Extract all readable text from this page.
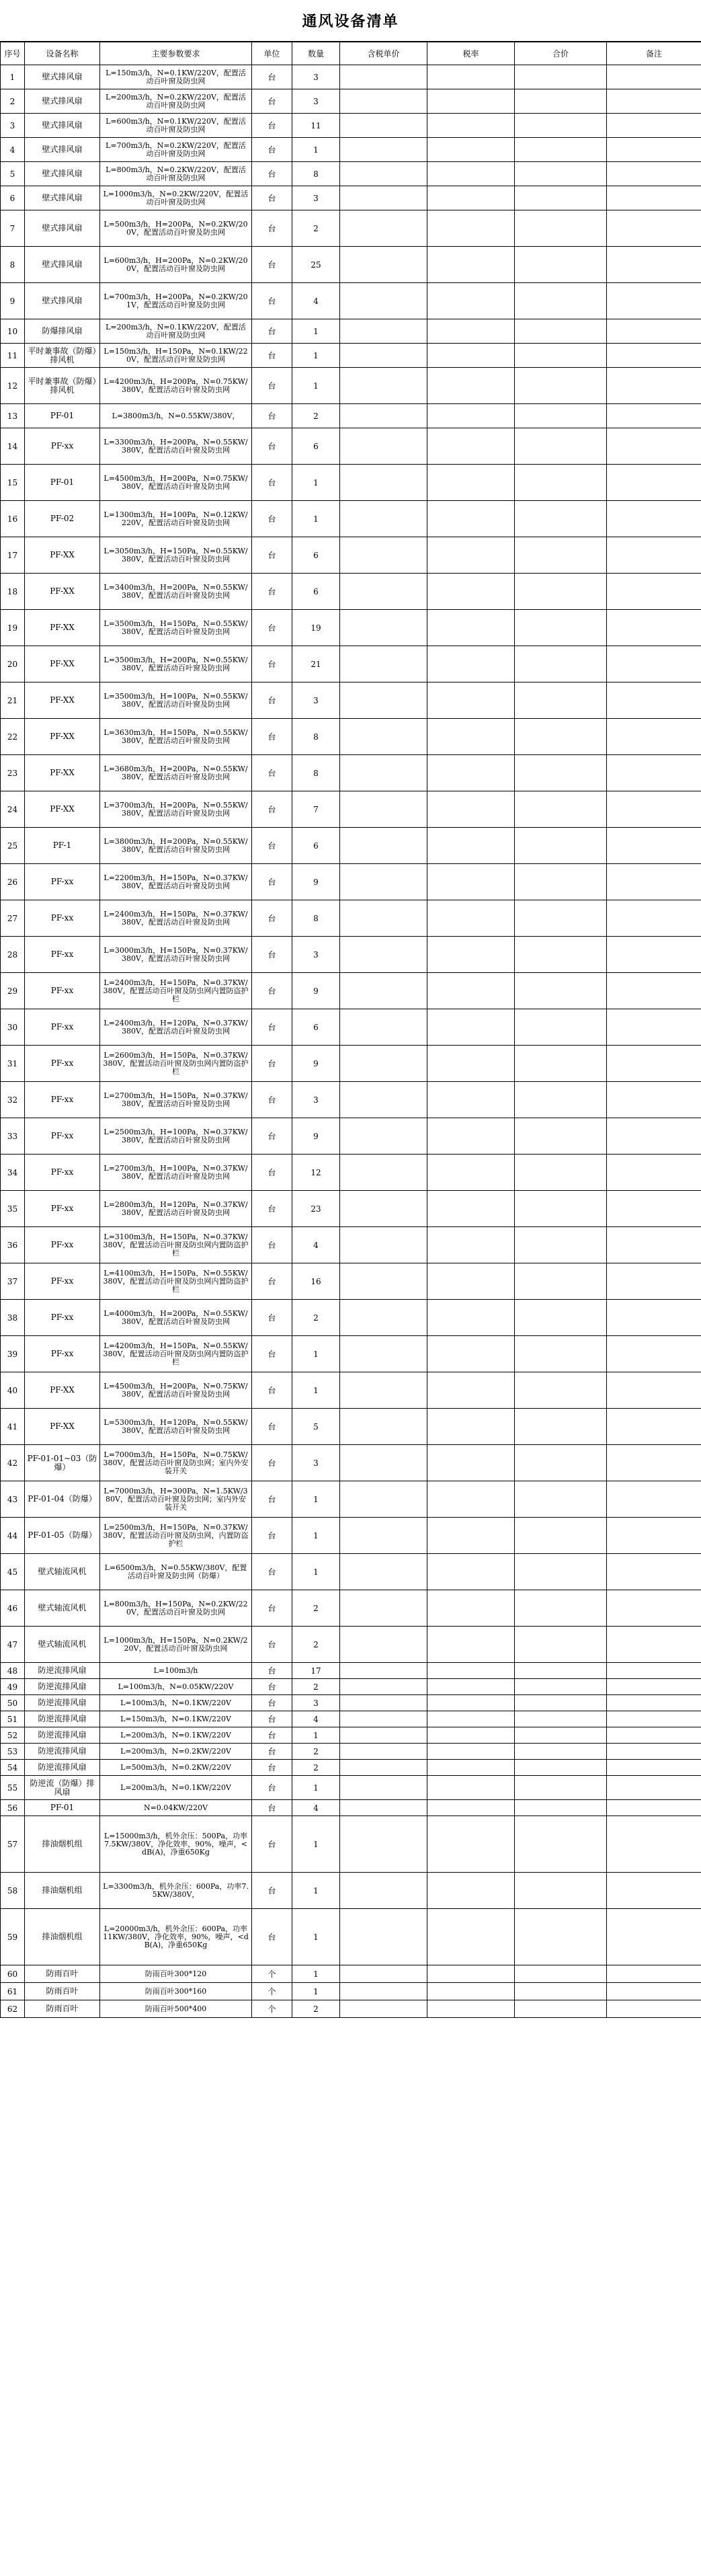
通风设备清单
序号	设备名称	主要参数要求	单位	数量	含税单价	税率	合价	备注
1	壁式排风扇	L=150m3/h，N=0.1KW/220V，配置活动百叶窗及防虫网	台	3				
2	壁式排风扇	L=200m3/h，N=0.2KW/220V，配置活动百叶窗及防虫网	台	3				
3	壁式排风扇	L=600m3/h，N=0.1KW/220V，配置活动百叶窗及防虫网	台	11				
4	壁式排风扇	L=700m3/h，N=0.2KW/220V，配置活动百叶窗及防虫网	台	1				
5	壁式排风扇	L=800m3/h，N=0.2KW/220V，配置活动百叶窗及防虫网	台	8				
6	壁式排风扇	L=1000m3/h，N=0.2KW/220V，配置活动百叶窗及防虫网	台	3				
7	壁式排风扇	L=500m3/h，H=200Pa，N=0.2KW/200V，配置活动百叶窗及防虫网	台	2				
8	壁式排风扇	L=600m3/h，H=200Pa，N=0.2KW/200V，配置活动百叶窗及防虫网	台	25				
9	壁式排风扇	L=700m3/h，H=200Pa，N=0.2KW/201V，配置活动百叶窗及防虫网	台	4				
10	防爆排风扇	L=200m3/h，N=0.1KW/220V，配置活动百叶窗及防虫网	台	1				
11	平时兼事故（防爆）排风机	L=150m3/h，H=150Pa，N=0.1KW/220V，配置活动百叶窗及防虫网	台	1				
12	平时兼事故（防爆）排风机	L=4200m3/h，H=200Pa，N=0.75KW/380V，配置活动百叶窗及防虫网	台	1				
13	PF-01	L=3800m3/h，N=0.55KW/380V，	台	2				
14	PF-xx	L=3300m3/h，H=200Pa，N=0.55KW/380V，配置活动百叶窗及防虫网	台	6				
15	PF-01	L=4500m3/h，H=200Pa，N=0.75KW/380V，配置活动百叶窗及防虫网	台	1				
16	PF-02	L=1300m3/h，H=100Pa，N=0.12KW/220V，配置活动百叶窗及防虫网	台	1				
17	PF-XX	L=3050m3/h，H=150Pa，N=0.55KW/380V，配置活动百叶窗及防虫网	台	6				
18	PF-XX	L=3400m3/h，H=200Pa，N=0.55KW/380V，配置活动百叶窗及防虫网	台	6				
19	PF-XX	L=3500m3/h，H=150Pa，N=0.55KW/380V，配置活动百叶窗及防虫网	台	19				
20	PF-XX	L=3500m3/h，H=200Pa，N=0.55KW/380V，配置活动百叶窗及防虫网	台	21				
21	PF-XX	L=3500m3/h，H=100Pa，N=0.55KW/380V，配置活动百叶窗及防虫网	台	3				
22	PF-XX	L=3630m3/h，H=150Pa，N=0.55KW/380V，配置活动百叶窗及防虫网	台	8				
23	PF-XX	L=3680m3/h，H=200Pa，N=0.55KW/380V，配置活动百叶窗及防虫网	台	8				
24	PF-XX	L=3700m3/h，H=200Pa，N=0.55KW/380V，配置活动百叶窗及防虫网	台	7				
25	PF-1	L=3800m3/h，H=200Pa，N=0.55KW/380V，配置活动百叶窗及防虫网	台	6				
26	PF-xx	L=2200m3/h，H=150Pa，N=0.37KW/380V，配置活动百叶窗及防虫网	台	9				
27	PF-xx	L=2400m3/h，H=150Pa，N=0.37KW/380V，配置活动百叶窗及防虫网	台	8				
28	PF-xx	L=3000m3/h，H=150Pa，N=0.37KW/380V，配置活动百叶窗及防虫网	台	3				
29	PF-xx	L=2400m3/h，H=150Pa，N=0.37KW/380V，配置活动百叶窗及防虫网内置防盗护栏	台	9				
30	PF-xx	L=2400m3/h，H=120Pa，N=0.37KW/380V，配置活动百叶窗及防虫网	台	6				
31	PF-xx	L=2600m3/h，H=150Pa，N=0.37KW/380V，配置活动百叶窗及防虫网内置防盗护栏	台	9				
32	PF-xx	L=2700m3/h，H=150Pa，N=0.37KW/380V，配置活动百叶窗及防虫网	台	3				
33	PF-xx	L=2500m3/h，H=100Pa，N=0.37KW/380V，配置活动百叶窗及防虫网	台	9				
34	PF-xx	L=2700m3/h，H=100Pa，N=0.37KW/380V，配置活动百叶窗及防虫网	台	12				
35	PF-xx	L=2800m3/h，H=120Pa，N=0.37KW/380V，配置活动百叶窗及防虫网	台	23				
36	PF-xx	L=3100m3/h，H=150Pa，N=0.37KW/380V，配置活动百叶窗及防虫网内置防盗护栏	台	4				
37	PF-xx	L=4100m3/h，H=150Pa，N=0.55KW/380V，配置活动百叶窗及防虫网内置防盗护栏	台	16				
38	PF-xx	L=4000m3/h，H=200Pa，N=0.55KW/380V，配置活动百叶窗及防虫网	台	2				
39	PF-xx	L=4200m3/h，H=150Pa，N=0.55KW/380V，配置活动百叶窗及防虫网内置防盗护栏	台	1				
40	PF-XX	L=4500m3/h，H=200Pa，N=0.75KW/380V，配置活动百叶窗及防虫网	台	1				
41	PF-XX	L=5300m3/h，H=120Pa，N=0.55KW/380V，配置活动百叶窗及防虫网	台	5				
42	PF-01-01~03（防爆）	L=7000m3/h，H=150Pa，N=0.75KW/380V，配置活动百叶窗及防虫网；室内外安装开关	台	3				
43	PF-01-04（防爆）	L=7000m3/h，H=300Pa，N=1.5KW/380V，配置活动百叶窗及防虫网；室内外安装开关	台	1				
44	PF-01-05（防爆）	L=2500m3/h，H=150Pa，N=0.37KW/380V，配置活动百叶窗及防虫网，内置防盗护栏	台	1				
45	壁式轴流风机	L=6500m3/h，N=0.55KW/380V，配置活动百叶窗及防虫网（防爆）	台	1				
46	壁式轴流风机	L=800m3/h，H=150Pa，N=0.2KW/220V，配置活动百叶窗及防虫网	台	2				
47	壁式轴流风机	L=1000m3/h，H=150Pa，N=0.2KW/220V，配置活动百叶窗及防虫网	台	2				
48	防逆流排风扇	L=100m3/h	台	17				
49	防逆流排风扇	L=100m3/h，N=0.05KW/220V	台	2				
50	防逆流排风扇	L=100m3/h，N=0.1KW/220V	台	3				
51	防逆流排风扇	L=150m3/h，N=0.1KW/220V	台	4				
52	防逆流排风扇	L=200m3/h，N=0.1KW/220V	台	1				
53	防逆流排风扇	L=200m3/h，N=0.2KW/220V	台	2				
54	防逆流排风扇	L=500m3/h，N=0.2KW/220V	台	2				
55	防逆流（防爆）排风扇	L=200m3/h，N=0.1KW/220V	台	1				
56	PF-01	N=0.04KW/220V	台	4				
57	排油烟机组	L=15000m3/h，机外余压：500Pa，功率7.5KW/380V，净化效率，90%，噪声，<dB(A)，净重650Kg	台	1				
58	排油烟机组	L=3300m3/h，机外余压：600Pa，功率7.5KW/380V，	台	1				
59	排油烟机组	L=20000m3/h，机外余压：600Pa，功率11KW/380V，净化效率，90%，噪声，<dB(A)，净重650Kg	台	1				
60	防雨百叶	防雨百叶300*120	个	1				
61	防雨百叶	防雨百叶300*160	个	1				
62	防雨百叶	防雨百叶500*400	个	2				
